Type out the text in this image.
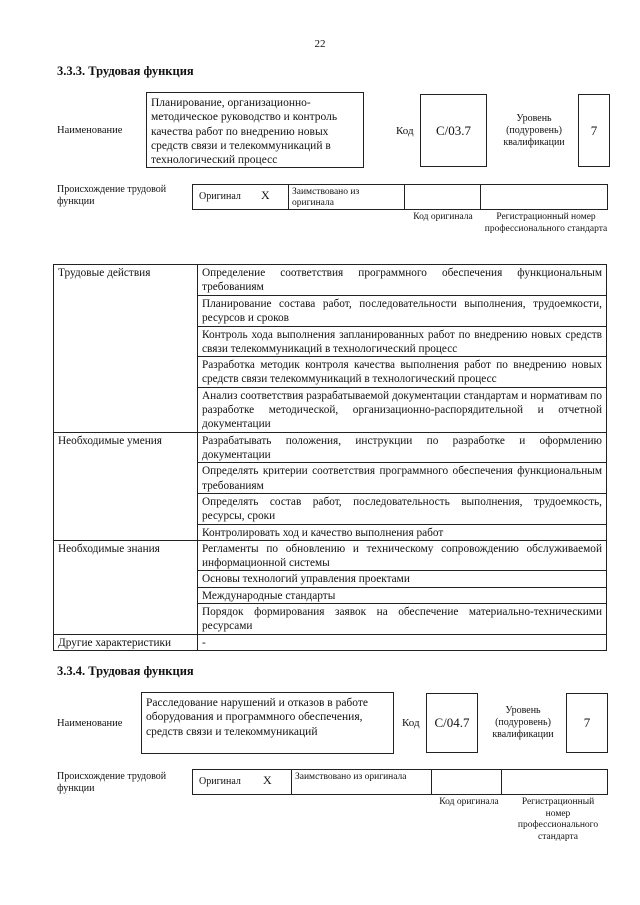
22
3.3.3. Трудовая функция
Наименование
Планирование, организационно-методическое руководство и контроль качества работ по внедрению новых средств связи и телекоммуникаций в технологический процесс
Код C/03.7
Уровень (подуровень) квалификации
7
Происхождение трудовой функции	Оригинал X	Заимствовано из оригинала
Код оригинала	Регистрационный номер профессионального стандарта
Трудовые действия	Определение соответствия программного обеспечения функциональным требованиям
	Планирование состава работ, последовательности выполнения, трудоемкости, ресурсов и сроков
	Контроль хода выполнения запланированных работ по внедрению новых средств связи телекоммуникаций в технологический процесс
	Разработка методик контроля качества выполнения работ по внедрению новых средств связи телекоммуникаций в технологический процесс
	Анализ соответствия разрабатываемой документации стандартам и нормативам по разработке методической, организационно-распорядительной и отчетной документации
Необходимые умения	Разрабатывать положения, инструкции по разработке и оформлению документации
	Определять критерии соответствия программного обеспечения функциональным требованиям
	Определять состав работ, последовательность выполнения, трудоемкость, ресурсы, сроки
	Контролировать ход и качество выполнения работ
Необходимые знания	Регламенты по обновлению и техническому сопровождению обслуживаемой информационной системы
	Основы технологий управления проектами
	Международные стандарты
	Порядок формирования заявок на обеспечение материально-техническими ресурсами
Другие характеристики	-
3.3.4. Трудовая функция
Наименование
Расследование нарушений и отказов в работе оборудования и программного обеспечения, средств связи и телекоммуникаций
Код C/04.7
Уровень (подуровень) квалификации
7
Происхождение трудовой функции
Оригинал X	Заимствовано из оригинала
Код оригинала	Регистрационный номер профессионального стандарта
